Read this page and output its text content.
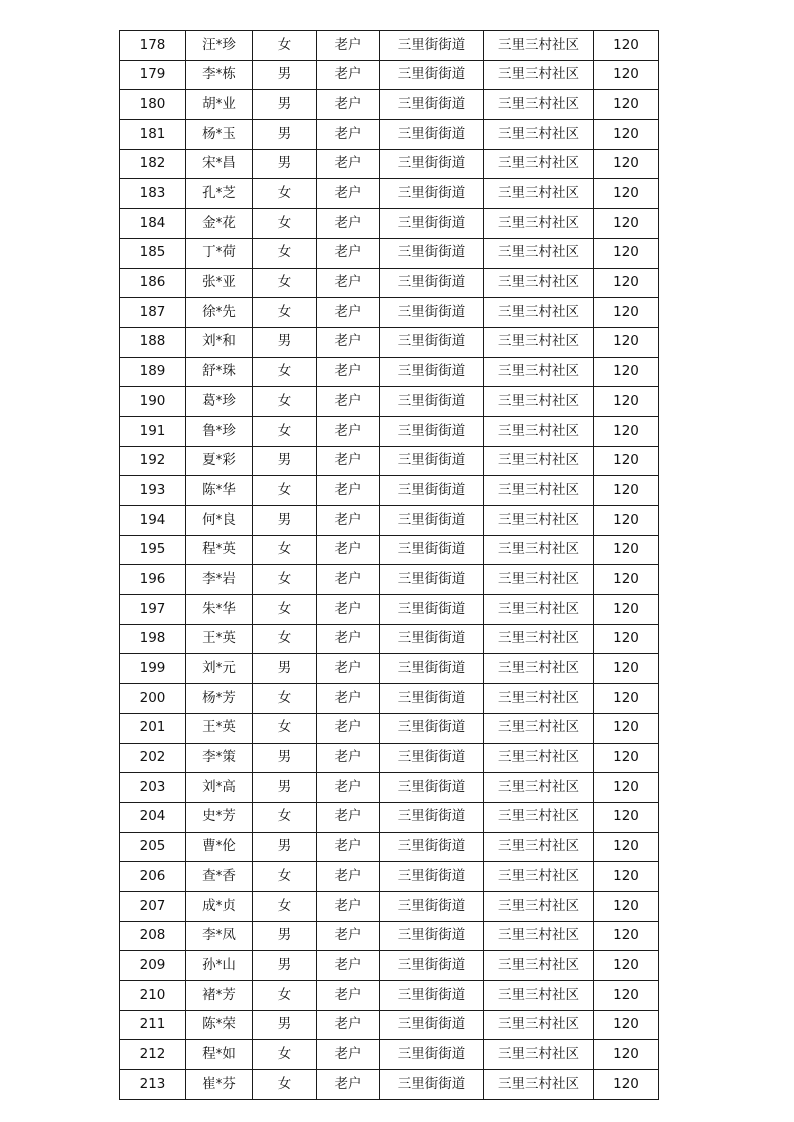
178	汪*珍	女	老户	三里街街道	三里三村社区	120
179	李*栋	男	老户	三里街街道	三里三村社区	120
180	胡*业	男	老户	三里街街道	三里三村社区	120
181	杨*玉	男	老户	三里街街道	三里三村社区	120
182	宋*昌	男	老户	三里街街道	三里三村社区	120
183	孔*芝	女	老户	三里街街道	三里三村社区	120
184	金*花	女	老户	三里街街道	三里三村社区	120
185	丁*荷	女	老户	三里街街道	三里三村社区	120
186	张*亚	女	老户	三里街街道	三里三村社区	120
187	徐*先	女	老户	三里街街道	三里三村社区	120
188	刘*和	男	老户	三里街街道	三里三村社区	120
189	舒*珠	女	老户	三里街街道	三里三村社区	120
190	葛*珍	女	老户	三里街街道	三里三村社区	120
191	鲁*珍	女	老户	三里街街道	三里三村社区	120
192	夏*彩	男	老户	三里街街道	三里三村社区	120
193	陈*华	女	老户	三里街街道	三里三村社区	120
194	何*良	男	老户	三里街街道	三里三村社区	120
195	程*英	女	老户	三里街街道	三里三村社区	120
196	李*岩	女	老户	三里街街道	三里三村社区	120
197	朱*华	女	老户	三里街街道	三里三村社区	120
198	王*英	女	老户	三里街街道	三里三村社区	120
199	刘*元	男	老户	三里街街道	三里三村社区	120
200	杨*芳	女	老户	三里街街道	三里三村社区	120
201	王*英	女	老户	三里街街道	三里三村社区	120
202	李*策	男	老户	三里街街道	三里三村社区	120
203	刘*高	男	老户	三里街街道	三里三村社区	120
204	史*芳	女	老户	三里街街道	三里三村社区	120
205	曹*伦	男	老户	三里街街道	三里三村社区	120
206	查*香	女	老户	三里街街道	三里三村社区	120
207	成*贞	女	老户	三里街街道	三里三村社区	120
208	李*凤	男	老户	三里街街道	三里三村社区	120
209	孙*山	男	老户	三里街街道	三里三村社区	120
210	褚*芳	女	老户	三里街街道	三里三村社区	120
211	陈*荣	男	老户	三里街街道	三里三村社区	120
212	程*如	女	老户	三里街街道	三里三村社区	120
213	崔*芬	女	老户	三里街街道	三里三村社区	120
